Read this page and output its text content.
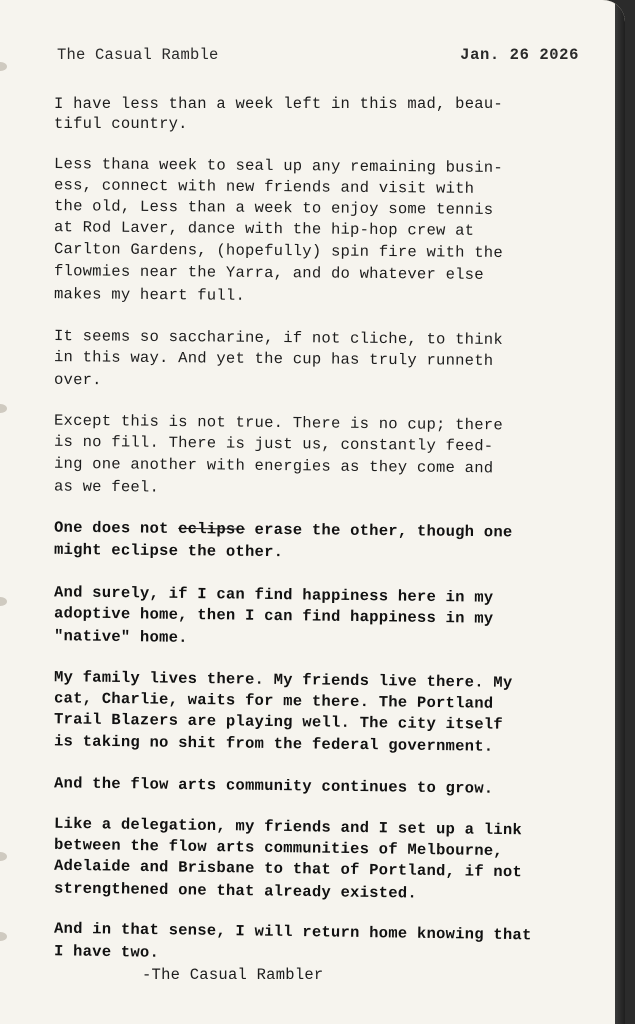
The Casual Ramble	Jan. 26 2026
I have less than a week left in this mad, beau-
tiful country.
Less thana week to seal up any remaining busin-
ess, connect with new friends and visit with
the old, Less than a week to enjoy some tennis
at Rod Laver, dance with the hip-hop crew at
Carlton Gardens, (hopefully) spin fire with the
flowmies near the Yarra, and do whatever else
makes my heart full.
It seems so saccharine, if not cliche, to think
in this way. And yet the cup has truly runneth
over.
Except this is not true. There is no cup; there
is no fill. There is just us, constantly feed-
ing one another with energies as they come and
as we feel.
One does not eclipse erase the other, though one
might eclipse the other.
And surely, if I can find happiness here in my
adoptive home, then I can find happiness in my
"native" home.
My family lives there. My friends live there. My
cat, Charlie, waits for me there. The Portland
Trail Blazers are playing well. The city itself
is taking no shit from the federal government.
And the flow arts community continues to grow.
Like a delegation, my friends and I set up a link
between the flow arts communities of Melbourne,
Adelaide and Brisbane to that of Portland, if not
strengthened one that already existed.
And in that sense, I will return home knowing that
I have two.
-The Casual Rambler
